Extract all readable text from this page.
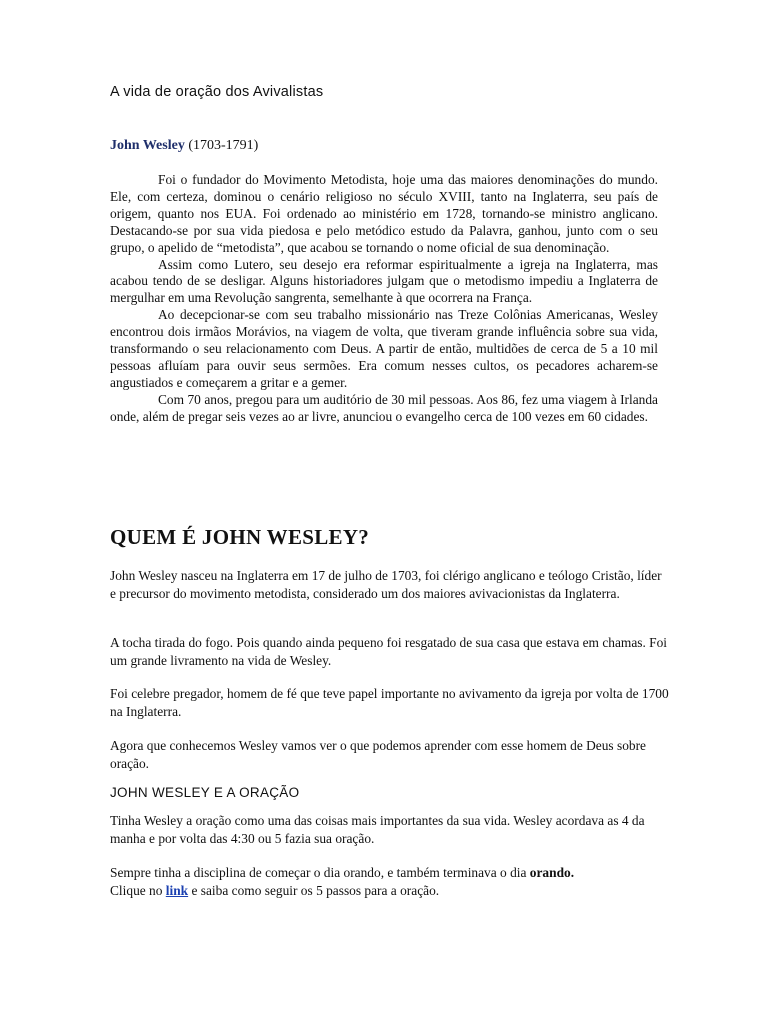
A vida de oração dos Avivalistas
John Wesley (1703-1791)

Foi o fundador do Movimento Metodista, hoje uma das maiores denominações do mundo. Ele, com certeza, dominou o cenário religioso no século XVIII, tanto na Inglaterra, seu país de origem, quanto nos EUA. Foi ordenado ao ministério em 1728, tornando-se ministro anglicano. Destacando-se por sua vida piedosa e pelo metódico estudo da Palavra, ganhou, junto com o seu grupo, o apelido de “metodista”, que acabou se tornando o nome oficial de sua denominação.

Assim como Lutero, seu desejo era reformar espiritualmente a igreja na Inglaterra, mas acabou tendo de se desligar. Alguns historiadores julgam que o metodismo impediu a Inglaterra de mergulhar em uma Revolução sangrenta, semelhante à que ocorrera na França.

Ao decepcionar-se com seu trabalho missionário nas Treze Colônias Americanas, Wesley encontrou dois irmãos Morávios, na viagem de volta, que tiveram grande influência sobre sua vida, transformando o seu relacionamento com Deus. A partir de então, multidões de cerca de 5 a 10 mil pessoas afluíam para ouvir seus sermões. Era comum nesses cultos, os pecadores acharem-se angustiados e começarem a gritar e a gemer.

Com 70 anos, pregou para um auditório de 30 mil pessoas. Aos 86, fez uma viagem à Irlanda onde, além de pregar seis vezes ao ar livre, anunciou o evangelho cerca de 100 vezes em 60 cidades.

QUEM É JOHN WESLEY?

John Wesley nasceu na Inglaterra em 17 de julho de 1703, foi clérigo anglicano e teólogo Cristão, líder e precursor do movimento metodista, considerado um dos maiores avivacionistas da Inglaterra.

A tocha tirada do fogo. Pois quando ainda pequeno foi resgatado de sua casa que estava em chamas. Foi um grande livramento na vida de Wesley.

Foi celebre pregador, homem de fé que teve papel importante no avivamento da igreja por volta de 1700 na Inglaterra.

Agora que conhecemos Wesley vamos ver o que podemos aprender com esse homem de Deus sobre oração.

JOHN WESLEY E A ORAÇÃO

Tinha Wesley a oração como uma das coisas mais importantes da sua vida. Wesley acordava as 4 da manha e por volta das 4:30 ou 5 fazia sua oração.

Sempre tinha a disciplina de começar o dia orando, e também terminava o dia orando.
Clique no link e saiba como seguir os 5 passos para a oração.
